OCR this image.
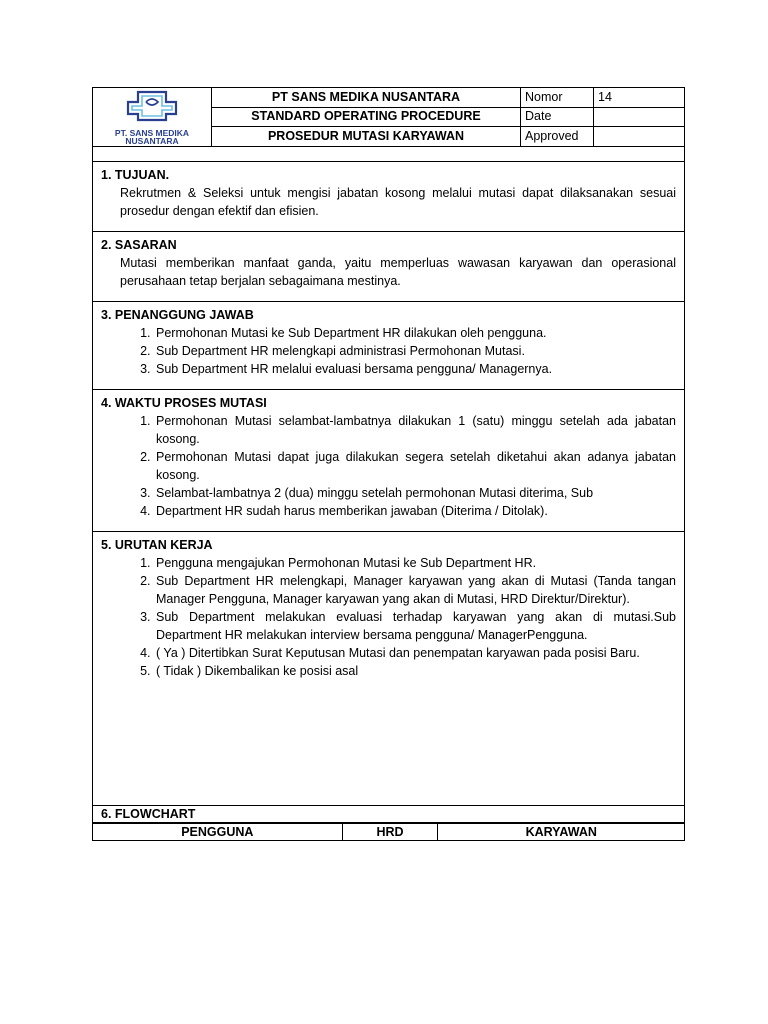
PT. SANS MEDIKA
NUSANTARA	PT SANS MEDIKA NUSANTARA	Nomor	14
	STANDARD OPERATING PROCEDURE	Date	
	PROSEDUR MUTASI KARYAWAN	Approved	
1. TUJUAN.
Rekrutmen & Seleksi untuk mengisi jabatan kosong melalui mutasi dapat dilaksanakan sesuai prosedur dengan efektif dan efisien.
2. SASARAN
Mutasi memberikan manfaat ganda, yaitu memperluas wawasan karyawan dan operasional perusahaan tetap berjalan sebagaimana mestinya.
3. PENANGGUNG JAWAB
1. Permohonan Mutasi ke Sub Department HR dilakukan oleh pengguna.
2. Sub Department HR melengkapi administrasi Permohonan Mutasi.
3. Sub Department HR melalui evaluasi bersama pengguna/ Managernya.
4. WAKTU PROSES MUTASI
1. Permohonan Mutasi selambat-lambatnya dilakukan 1 (satu) minggu setelah ada jabatan kosong.
2. Permohonan Mutasi dapat juga dilakukan segera setelah diketahui akan adanya jabatan kosong.
3. Selambat-lambatnya 2 (dua) minggu setelah permohonan Mutasi diterima, Sub
4. Department HR sudah harus memberikan jawaban (Diterima / Ditolak).
5. URUTAN KERJA
1. Pengguna mengajukan Permohonan Mutasi ke Sub Department HR.
2. Sub Department HR melengkapi, Manager karyawan yang akan di Mutasi (Tanda tangan Manager Pengguna, Manager karyawan yang akan di Mutasi, HRD Direktur/Direktur).
3. Sub Department melakukan evaluasi terhadap karyawan yang akan di mutasi.Sub Department HR melakukan interview bersama pengguna/ ManagerPengguna.
4. ( Ya ) Ditertibkan Surat Keputusan Mutasi dan penempatan karyawan pada posisi Baru.
5. ( Tidak ) Dikembalikan ke posisi asal
6. FLOWCHART
PENGGUNA	HRD	KARYAWAN
